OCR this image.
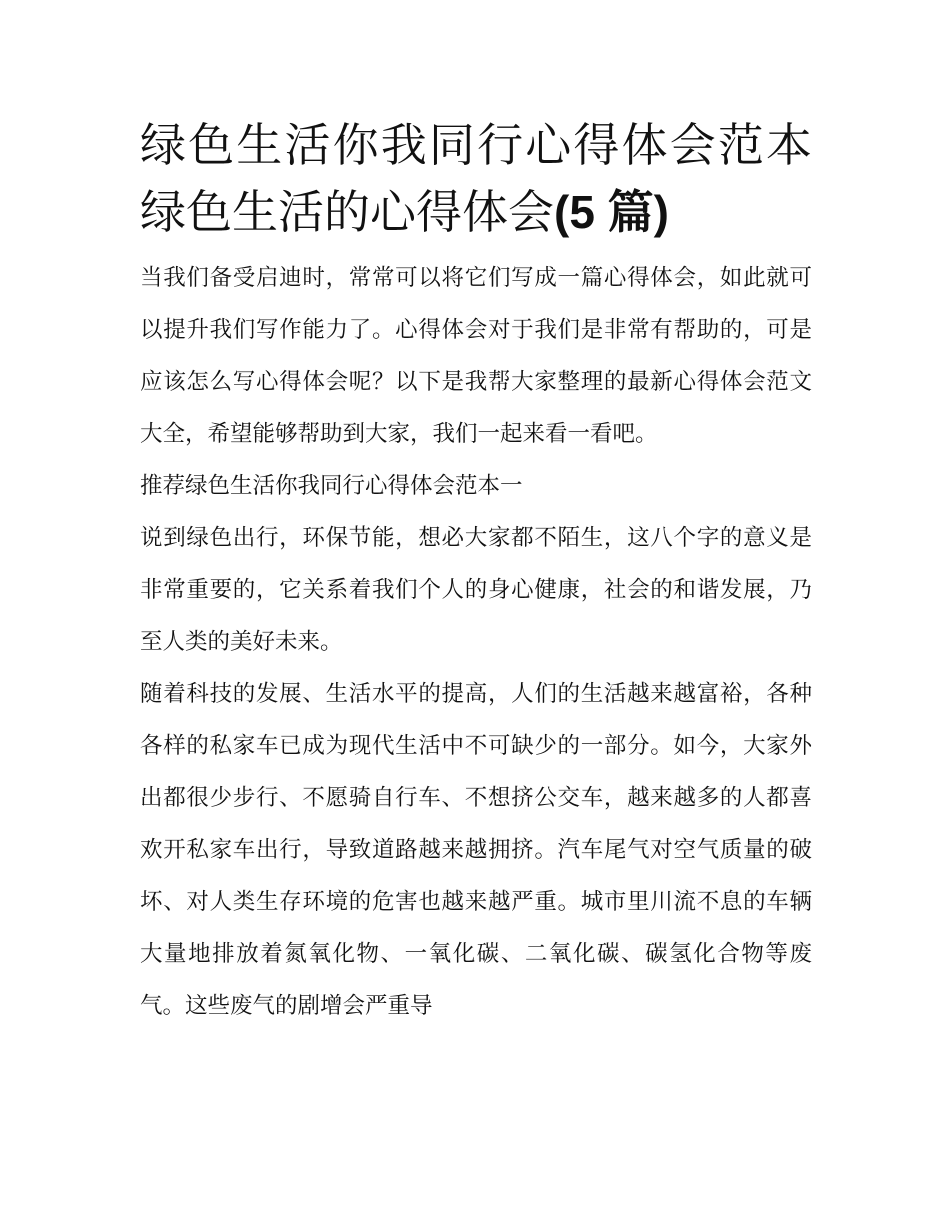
绿色生活你我同行心得体会范本 绿色生活的心得体会(5 篇)

当我们备受启迪时，常常可以将它们写成一篇心得体会，如此就可以提升我们写作能力了。心得体会对于我们是非常有帮助的，可是应该怎么写心得体会呢？以下是我帮大家整理的最新心得体会范文大全，希望能够帮助到大家，我们一起来看一看吧。

推荐绿色生活你我同行心得体会范本一

说到绿色出行，环保节能，想必大家都不陌生，这八个字的意义是非常重要的，它关系着我们个人的身心健康，社会的和谐发展，乃至人类的美好未来。

随着科技的发展、生活水平的提高，人们的生活越来越富裕，各种各样的私家车已成为现代生活中不可缺少的一部分。如今，大家外出都很少步行、不愿骑自行车、不想挤公交车，越来越多的人都喜欢开私家车出行，导致道路越来越拥挤。汽车尾气对空气质量的破坏、对人类生存环境的危害也越来越严重。城市里川流不息的车辆大量地排放着氮氧化物、一氧化碳、二氧化碳、碳氢化合物等废气。这些废气的剧增会严重导
